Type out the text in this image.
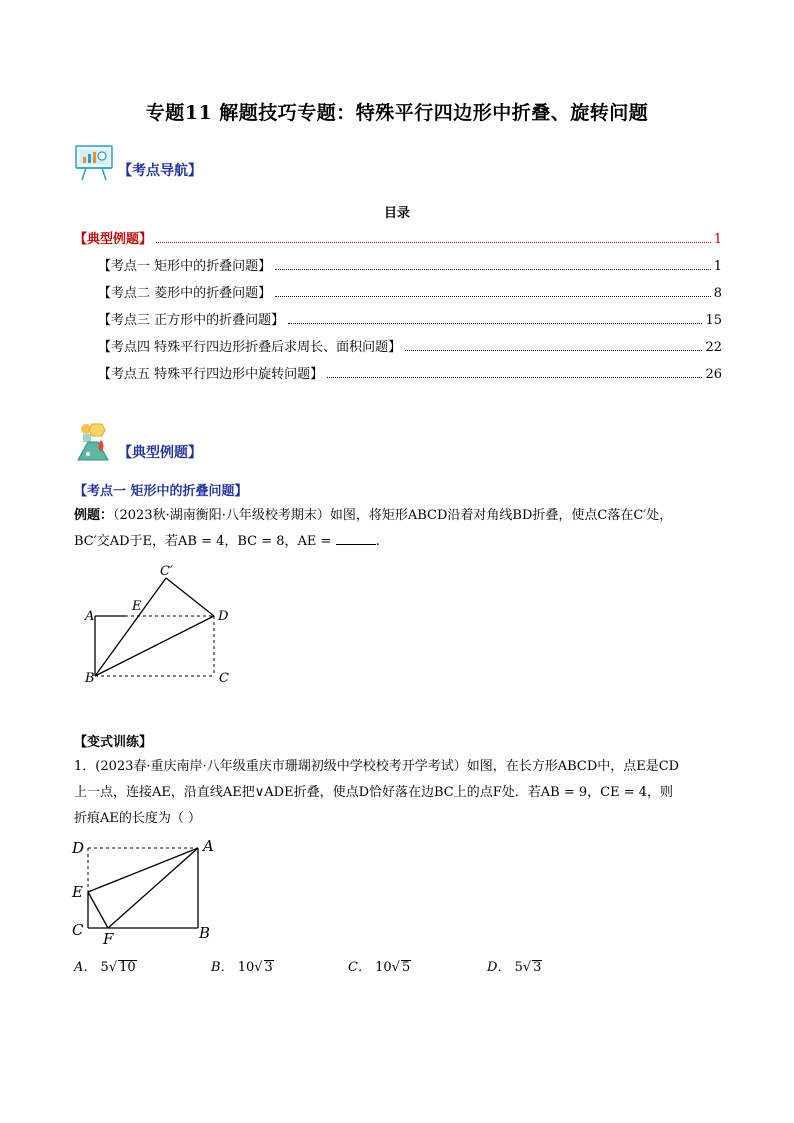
专题11 解题技巧专题：特殊平行四边形中折叠、旋转问题
【考点导航】
目录
【典型例题】	1
【考点一 矩形中的折叠问题】	1
【考点二 菱形中的折叠问题】	8
【考点三 正方形中的折叠问题】	15
【考点四 特殊平行四边形折叠后求周长、面积问题】	22
【考点五 特殊平行四边形中旋转问题】	26
【典型例题】
【考点一 矩形中的折叠问题】
例题：（2023秋·湖南衡阳·八年级校考期末）如图，将矩形ABCD沿着对角线BD折叠，使点C落在C′处，
BC′交AD于E，若AB = 4，BC = 8，AE =	.
A
B	C
D
E
C′
【变式训练】
1．(2023春·重庆南岸·八年级重庆市珊瑚初级中学校校考开学考试）如图，在长方形ABCD中，点E是CD
上一点，连接AE，沿直线AE把∨ADE折叠，使点D恰好落在边BC上的点F处．若AB = 9，CE = 4，则
折痕AE的长度为（ ）
D	A
E
C F	B
A． 5√ 10	B． 10√ 3	C． 10√ 5	D． 5√ 3
